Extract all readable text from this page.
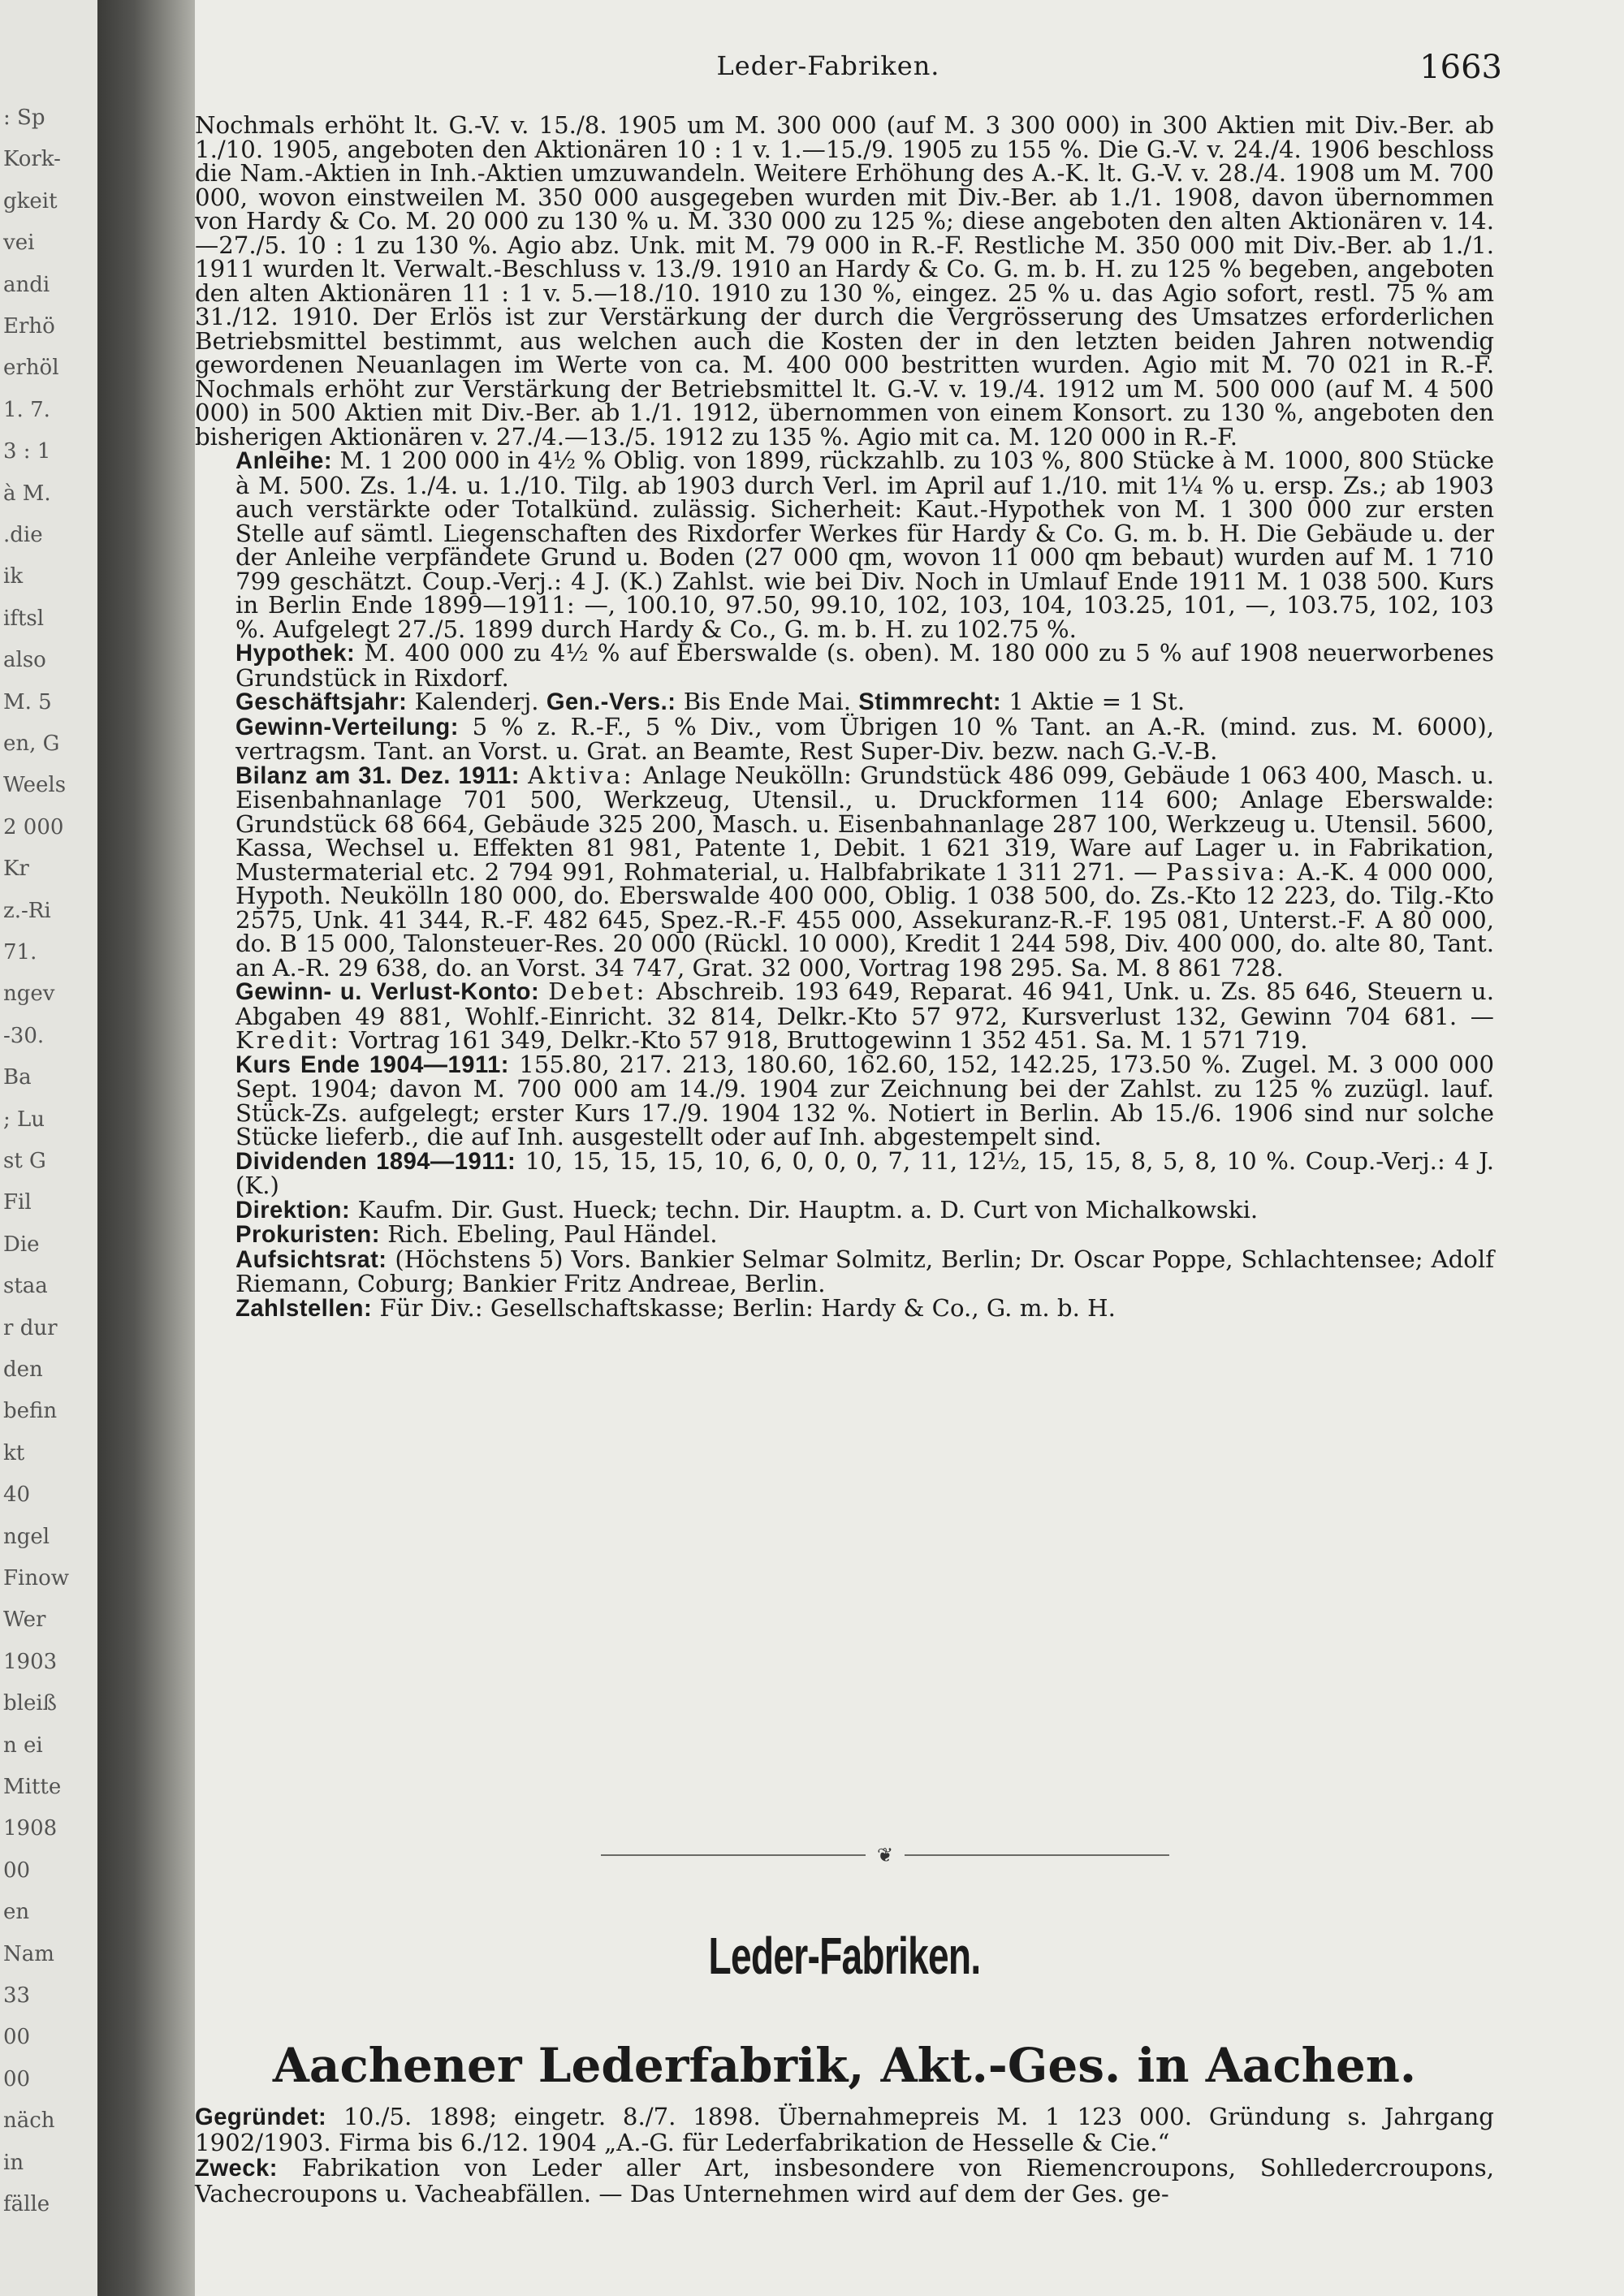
: Sp
Kork-
gkeit
vei
andi
Erhö
erhöl
1. 7.
3 : 1
à M.
.die
ik
iftsl
also
M. 5
en, G
Weels
2 000
Kr
z.-Ri
71.
ngev
-30.
Ba
; Lu
st G
Fil
Die
staa
r dur
den
befin
kt
40
ngel
Finow
Wer
1903
bleiß
n ei
Mitte
1908
00
en
Nam
33
00
00
näch
in
fälle
Leder-Fabriken.	1663

Nochmals erhöht lt. G.-V. v. 15./8. 1905 um M. 300 000 (auf M. 3 300 000) in 300 Aktien mit Div.-Ber. ab 1./10. 1905, angeboten den Aktionären 10 : 1 v. 1.—15./9. 1905 zu 155 %. Die G.-V. v. 24./4. 1906 beschloss die Nam.-Aktien in Inh.-Aktien umzuwandeln. Weitere Erhöhung des A.-K. lt. G.-V. v. 28./4. 1908 um M. 700 000, wovon einstweilen M. 350 000 ausgegeben wurden mit Div.-Ber. ab 1./1. 1908, davon übernommen von Hardy & Co. M. 20 000 zu 130 % u. M. 330 000 zu 125 %; diese angeboten den alten Aktionären v. 14.—27./5. 10 : 1 zu 130 %. Agio abz. Unk. mit M. 79 000 in R.-F. Restliche M. 350 000 mit Div.-Ber. ab 1./1. 1911 wurden lt. Verwalt.-Beschluss v. 13./9. 1910 an Hardy & Co. G. m. b. H. zu 125 % begeben, angeboten den alten Aktionären 11 : 1 v. 5.—18./10. 1910 zu 130 %, eingez. 25 % u. das Agio sofort, restl. 75 % am 31./12. 1910. Der Erlös ist zur Verstärkung der durch die Vergrösserung des Umsatzes erforderlichen Betriebsmittel bestimmt, aus welchen auch die Kosten der in den letzten beiden Jahren notwendig gewordenen Neuanlagen im Werte von ca. M. 400 000 bestritten wurden. Agio mit M. 70 021 in R.-F. Nochmals erhöht zur Verstärkung der Betriebsmittel lt. G.-V. v. 19./4. 1912 um M. 500 000 (auf M. 4 500 000) in 500 Aktien mit Div.-Ber. ab 1./1. 1912, übernommen von einem Konsort. zu 130 %, angeboten den bisherigen Aktionären v. 27./4.—13./5. 1912 zu 135 %. Agio mit ca. M. 120 000 in R.-F.

Anleihe: M. 1 200 000 in 4½ % Oblig. von 1899, rückzahlb. zu 103 %, 800 Stücke à M. 1000, 800 Stücke à M. 500. Zs. 1./4. u. 1./10. Tilg. ab 1903 durch Verl. im April auf 1./10. mit 1¼ % u. ersp. Zs.; ab 1903 auch verstärkte oder Totalkünd. zulässig. Sicherheit: Kaut.-Hypothek von M. 1 300 000 zur ersten Stelle auf sämtl. Liegenschaften des Rixdorfer Werkes für Hardy & Co. G. m. b. H. Die Gebäude u. der der Anleihe verpfändete Grund u. Boden (27 000 qm, wovon 11 000 qm bebaut) wurden auf M. 1 710 799 geschätzt. Coup.-Verj.: 4 J. (K.) Zahlst. wie bei Div. Noch in Umlauf Ende 1911 M. 1 038 500. Kurs in Berlin Ende 1899—1911: —, 100.10, 97.50, 99.10, 102, 103, 104, 103.25, 101, —, 103.75, 102, 103 %. Aufgelegt 27./5. 1899 durch Hardy & Co., G. m. b. H. zu 102.75 %.

Hypothek: M. 400 000 zu 4½ % auf Eberswalde (s. oben). M. 180 000 zu 5 % auf 1908 neuerworbenes Grundstück in Rixdorf.

Geschäftsjahr: Kalenderj. Gen.-Vers.: Bis Ende Mai. Stimmrecht: 1 Aktie = 1 St.

Gewinn-Verteilung: 5 % z. R.-F., 5 % Div., vom Übrigen 10 % Tant. an A.-R. (mind. zus. M. 6000), vertragsm. Tant. an Vorst. u. Grat. an Beamte, Rest Super-Div. bezw. nach G.-V.-B.

Bilanz am 31. Dez. 1911: Aktiva: Anlage Neukölln: Grundstück 486 099, Gebäude 1 063 400, Masch. u. Eisenbahnanlage 701 500, Werkzeug, Utensil., u. Druckformen 114 600; Anlage Eberswalde: Grundstück 68 664, Gebäude 325 200, Masch. u. Eisenbahnanlage 287 100, Werkzeug u. Utensil. 5600, Kassa, Wechsel u. Effekten 81 981, Patente 1, Debit. 1 621 319, Ware auf Lager u. in Fabrikation, Mustermaterial etc. 2 794 991, Rohmaterial, u. Halbfabrikate 1 311 271. — Passiva: A.-K. 4 000 000, Hypoth. Neukölln 180 000, do. Eberswalde 400 000, Oblig. 1 038 500, do. Zs.-Kto 12 223, do. Tilg.-Kto 2575, Unk. 41 344, R.-F. 482 645, Spez.-R.-F. 455 000, Assekuranz-R.-F. 195 081, Unterst.-F. A 80 000, do. B 15 000, Talonsteuer-Res. 20 000 (Rückl. 10 000), Kredit 1 244 598, Div. 400 000, do. alte 80, Tant. an A.-R. 29 638, do. an Vorst. 34 747, Grat. 32 000, Vortrag 198 295. Sa. M. 8 861 728.

Gewinn- u. Verlust-Konto: Debet: Abschreib. 193 649, Reparat. 46 941, Unk. u. Zs. 85 646, Steuern u. Abgaben 49 881, Wohlf.-Einricht. 32 814, Delkr.-Kto 57 972, Kursverlust 132, Gewinn 704 681. — Kredit: Vortrag 161 349, Delkr.-Kto 57 918, Bruttogewinn 1 352 451. Sa. M. 1 571 719.

Kurs Ende 1904—1911: 155.80, 217. 213, 180.60, 162.60, 152, 142.25, 173.50 %. Zugel. M. 3 000 000 Sept. 1904; davon M. 700 000 am 14./9. 1904 zur Zeichnung bei der Zahlst. zu 125 % zuzügl. lauf. Stück-Zs. aufgelegt; erster Kurs 17./9. 1904 132 %. Notiert in Berlin. Ab 15./6. 1906 sind nur solche Stücke lieferb., die auf Inh. ausgestellt oder auf Inh. abgestempelt sind.

Dividenden 1894—1911: 10, 15, 15, 15, 10, 6, 0, 0, 0, 7, 11, 12½, 15, 15, 8, 5, 8, 10 %. Coup.-Verj.: 4 J. (K.)

Direktion: Kaufm. Dir. Gust. Hueck; techn. Dir. Hauptm. a. D. Curt von Michalkowski.

Prokuristen: Rich. Ebeling, Paul Händel.

Aufsichtsrat: (Höchstens 5) Vors. Bankier Selmar Solmitz, Berlin; Dr. Oscar Poppe, Schlachtensee; Adolf Riemann, Coburg; Bankier Fritz Andreae, Berlin.

Zahlstellen: Für Div.: Gesellschaftskasse; Berlin: Hardy & Co., G. m. b. H.

❦
Leder-Fabriken.
Aachener Lederfabrik, Akt.-Ges. in Aachen.

Gegründet: 10./5. 1898; eingetr. 8./7. 1898. Übernahmepreis M. 1 123 000. Gründung s. Jahrgang 1902/1903. Firma bis 6./12. 1904 „A.-G. für Lederfabrikation de Hesselle & Cie.“

Zweck: Fabrikation von Leder aller Art, insbesondere von Riemencroupons, Sohlledercroupons, Vachecroupons u. Vacheabfällen. — Das Unternehmen wird auf dem der Ges. ge-
